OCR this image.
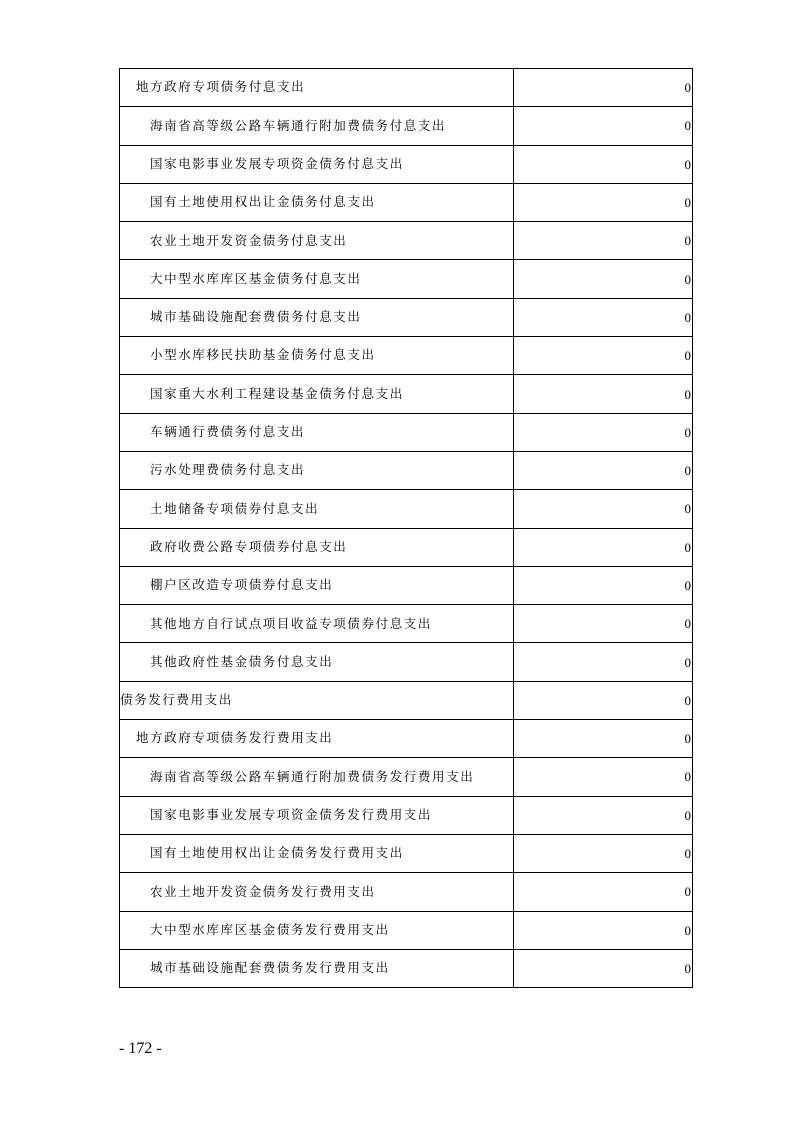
地方政府专项债务付息支出	0
海南省高等级公路车辆通行附加费债务付息支出	0
国家电影事业发展专项资金债务付息支出	0
国有土地使用权出让金债务付息支出	0
农业土地开发资金债务付息支出	0
大中型水库库区基金债务付息支出	0
城市基础设施配套费债务付息支出	0
小型水库移民扶助基金债务付息支出	0
国家重大水利工程建设基金债务付息支出	0
车辆通行费债务付息支出	0
污水处理费债务付息支出	0
土地储备专项债券付息支出	0
政府收费公路专项债券付息支出	0
棚户区改造专项债券付息支出	0
其他地方自行试点项目收益专项债券付息支出	0
其他政府性基金债务付息支出	0
债务发行费用支出	0
地方政府专项债务发行费用支出	0
海南省高等级公路车辆通行附加费债务发行费用支出	0
国家电影事业发展专项资金债务发行费用支出	0
国有土地使用权出让金债务发行费用支出	0
农业土地开发资金债务发行费用支出	0
大中型水库库区基金债务发行费用支出	0
城市基础设施配套费债务发行费用支出	0
- 172 -
